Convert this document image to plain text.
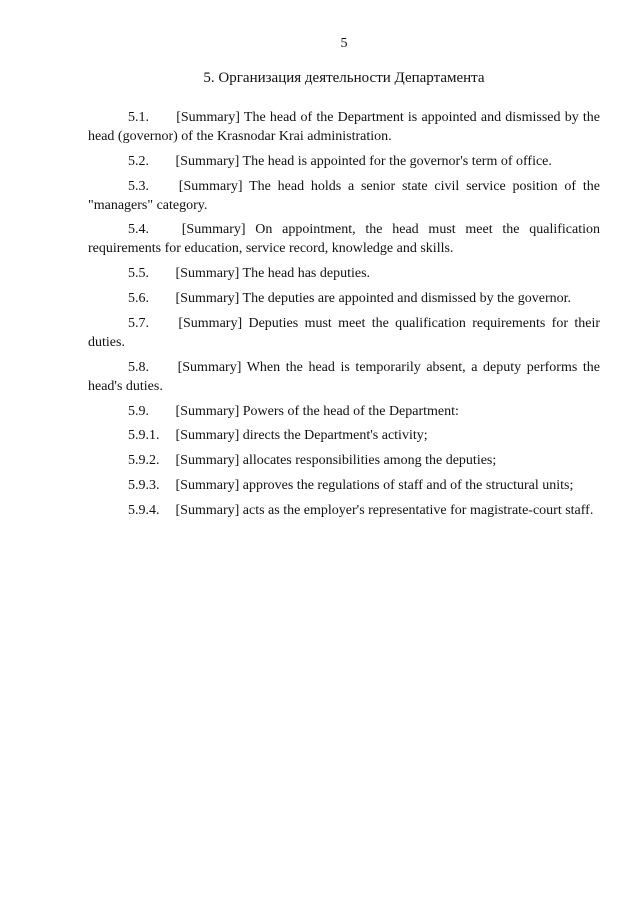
5
5. Организация деятельности Департамента

5.1. [Summary] The head of the Department is appointed and dismissed by the head (governor) of the Krasnodar Krai administration.

5.2. [Summary] The head is appointed for the governor's term of office.

5.3. [Summary] The head holds a senior state civil service position of the "managers" category.

5.4. [Summary] On appointment, the head must meet the qualification requirements for education, service record, knowledge and skills.

5.5. [Summary] The head has deputies.

5.6. [Summary] The deputies are appointed and dismissed by the governor.

5.7. [Summary] Deputies must meet the qualification requirements for their duties.

5.8. [Summary] When the head is temporarily absent, a deputy performs the head's duties.

5.9. [Summary] Powers of the head of the Department:

5.9.1. [Summary] directs the Department's activity;

5.9.2. [Summary] allocates responsibilities among the deputies;

5.9.3. [Summary] approves the regulations of staff and of the structural units;

5.9.4. [Summary] acts as the employer's representative for magistrate-court staff.
